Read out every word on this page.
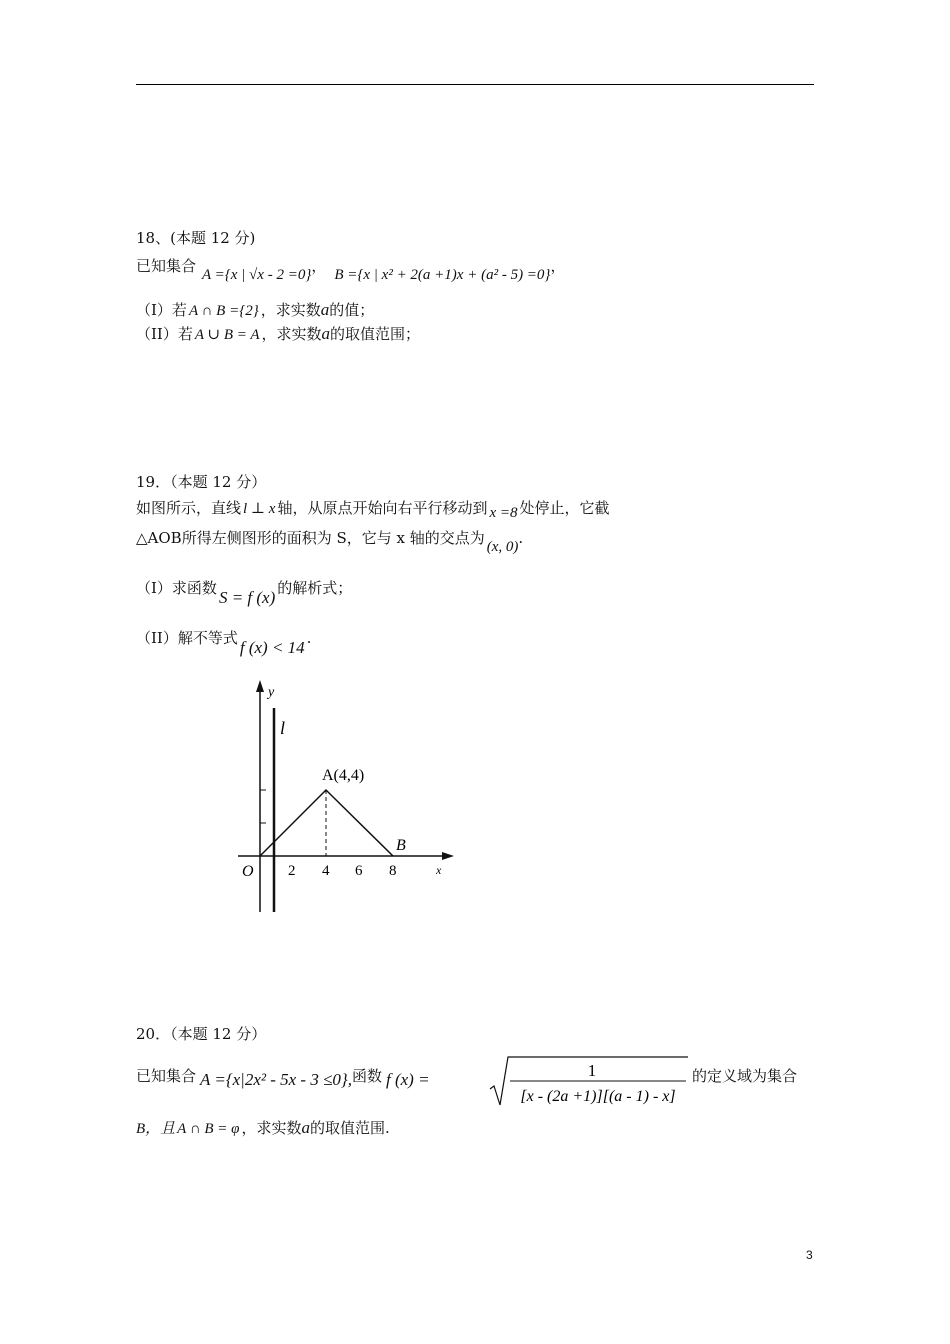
18、(本题 12 分)
已知集合 A ={x | √x - 2 =0}， B ={x | x² + 2(a +1)x + (a² - 5) =0}，
（I）若 A ∩ B ={2} ，求实数a的值；
（II）若 A ∪ B = A ，求实数a的取值范围；
19．（本题 12 分）
如图所示，直线 l ⊥ x 轴，从原点开始向右平行移动到 x =8 处停止，它截
△AOB所得左侧图形的面积为 S，它与 x 轴的交点为 (x, 0).
（I）求函数 S = f (x) 的解析式；
（II）解不等式 f (x) < 14 .
y
l
A(4,4)
B
O 2 4 6 8	x
20．（本题 12 分）
已知集合 A ={x|2x² - 5x - 3 ≤0},函数 f (x) =	1
[x - (2a +1)][(a - 1) - x]
的定义域为集合
B，且 A ∩ B = φ ，求实数a的取值范围.
3
